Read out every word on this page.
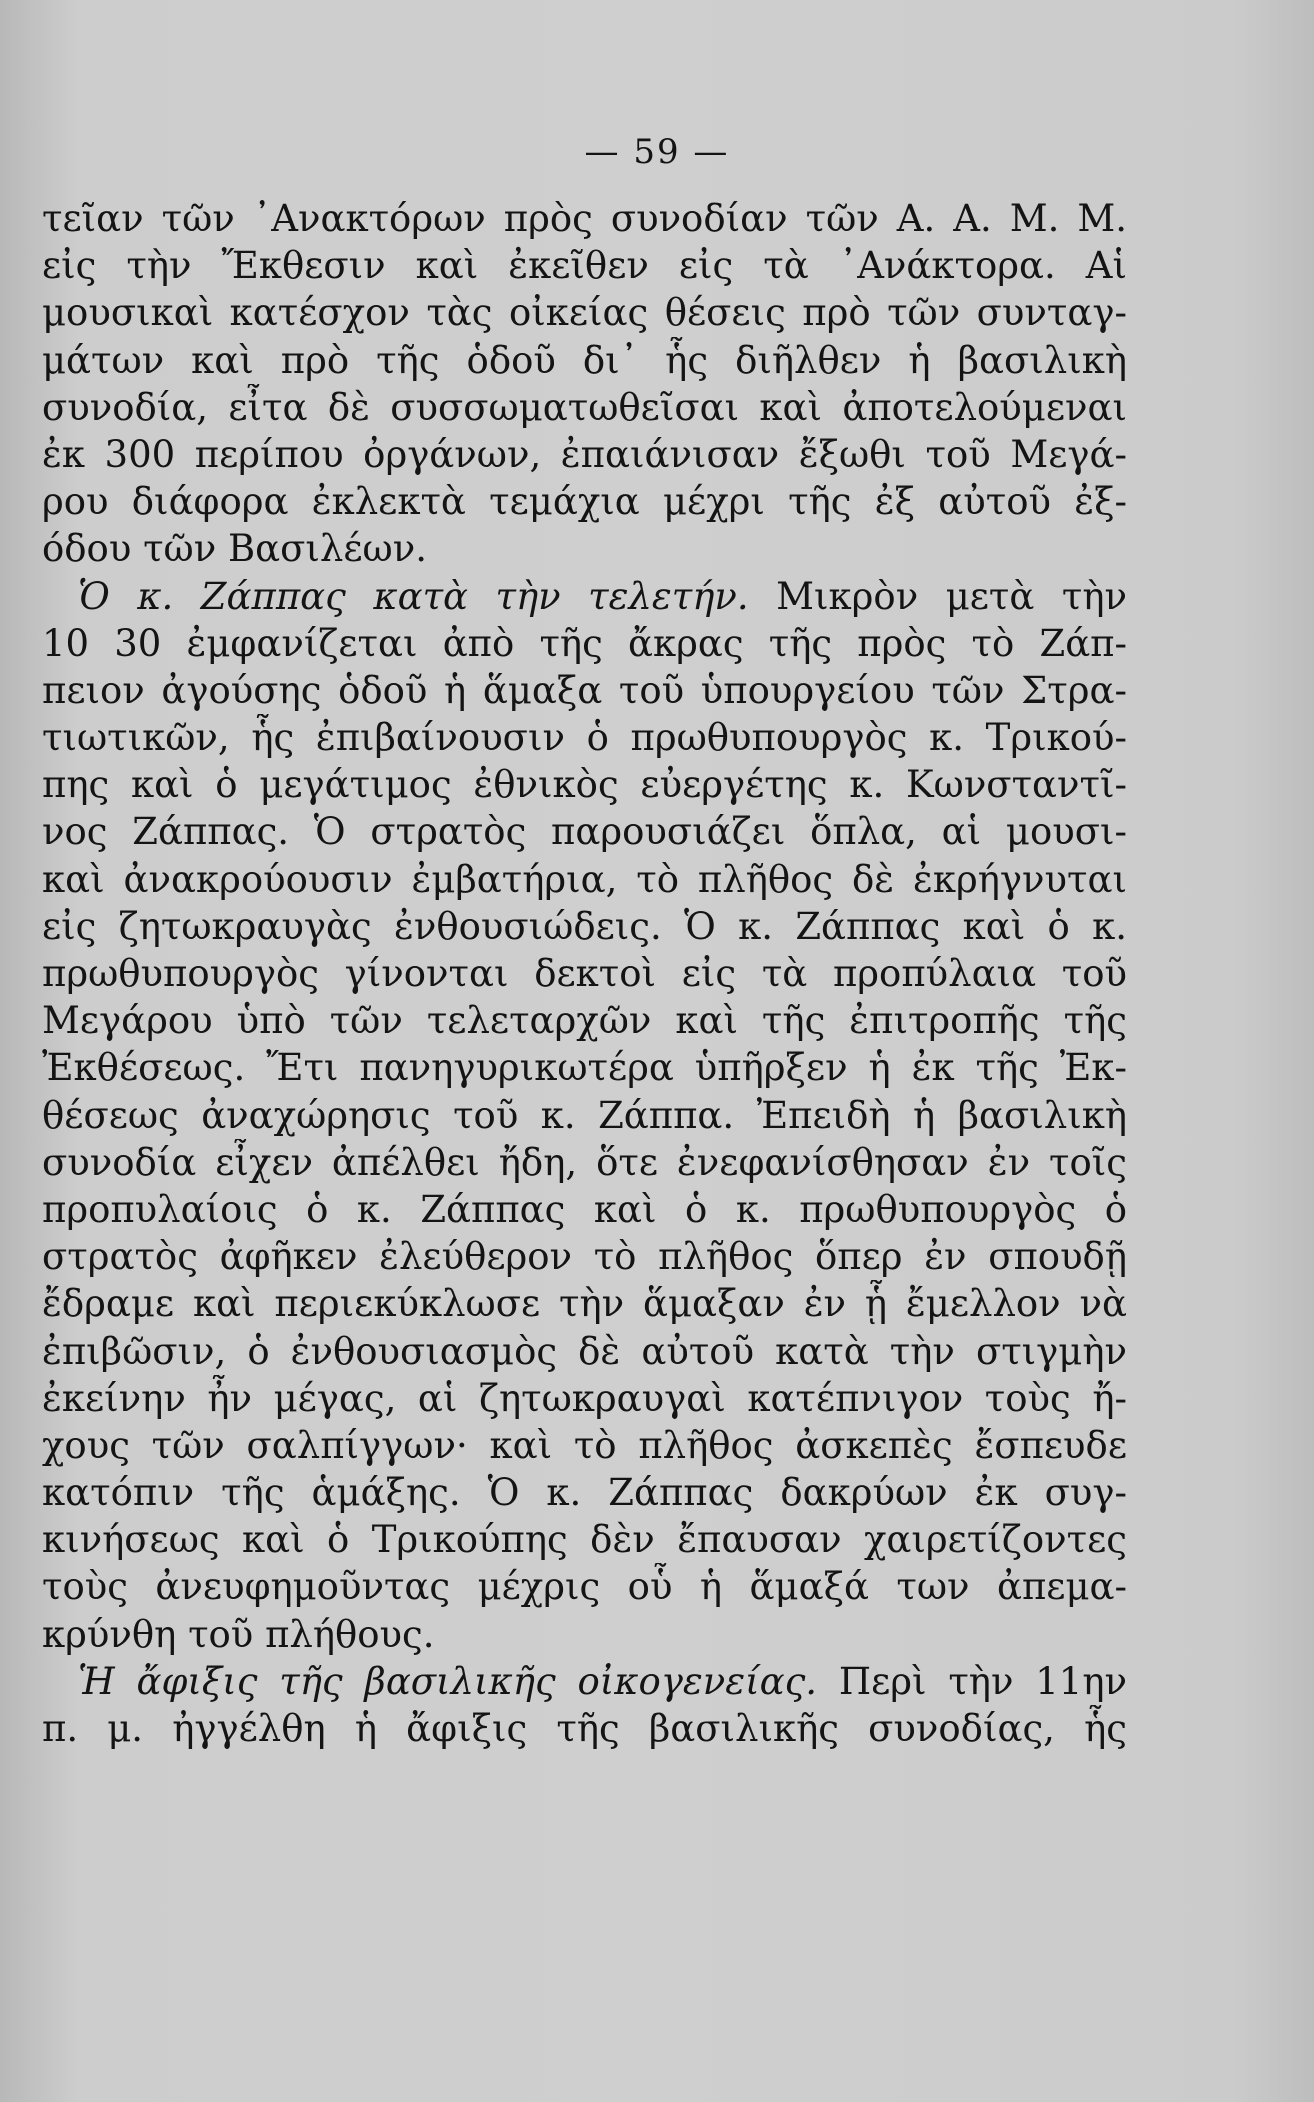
— 59 —
τεῖαν τῶν ᾿Ανακτόρων πρὸς συνοδίαν τῶν Α. Α. Μ. Μ.
εἰς τὴν Ἔκθεσιν καὶ ἐκεῖθεν εἰς τὰ ᾿Ανάκτορα. Αἱ
μουσικαὶ κατέσχον τὰς οἰκείας θέσεις πρὸ τῶν συνταγ-
μάτων καὶ πρὸ τῆς ὁδοῦ δι᾿ ἧς διῆλθεν ἡ βασιλικὴ
συνοδία, εἶτα δὲ συσσωματωθεῖσαι καὶ ἀποτελούμεναι
ἐκ 300 περίπου ὀργάνων, ἐπαιάνισαν ἔξωθι τοῦ Μεγά-
ρου διάφορα ἐκλεκτὰ τεμάχια μέχρι τῆς ἐξ αὐτοῦ ἐξ-
όδου τῶν Βασιλέων.
Ὁ κ. Ζάππας κατὰ τὴν τελετήν. Μικρὸν μετὰ τὴν
10 30 ἐμφανίζεται ἀπὸ τῆς ἄκρας τῆς πρὸς τὸ Ζάπ-
πειον ἀγούσης ὁδοῦ ἡ ἅμαξα τοῦ ὑπουργείου τῶν Στρα-
τιωτικῶν, ἧς ἐπιβαίνουσιν ὁ πρωθυπουργὸς κ. Τρικού-
πης καὶ ὁ μεγάτιμος ἐθνικὸς εὐεργέτης κ. Κωνσταντῖ-
νος Ζάππας. Ὁ στρατὸς παρουσιάζει ὅπλα, αἱ μουσι-
καὶ ἀνακρούουσιν ἐμβατήρια, τὸ πλῆθος δὲ ἐκρήγνυται
εἰς ζητωκραυγὰς ἐνθουσιώδεις. Ὁ κ. Ζάππας καὶ ὁ κ.
πρωθυπουργὸς γίνονται δεκτοὶ εἰς τὰ προπύλαια τοῦ
Μεγάρου ὑπὸ τῶν τελεταρχῶν καὶ τῆς ἐπιτροπῆς τῆς
Ἐκθέσεως. Ἔτι πανηγυρικωτέρα ὑπῆρξεν ἡ ἐκ τῆς Ἐκ-
θέσεως ἀναχώρησις τοῦ κ. Ζάππα. Ἐπειδὴ ἡ βασιλικὴ
συνοδία εἶχεν ἀπέλθει ἤδη, ὅτε ἐνεφανίσθησαν ἐν τοῖς
προπυλαίοις ὁ κ. Ζάππας καὶ ὁ κ. πρωθυπουργὸς ὁ
στρατὸς ἀφῆκεν ἐλεύθερον τὸ πλῆθος ὅπερ ἐν σπουδῇ
ἔδραμε καὶ περιεκύκλωσε τὴν ἅμαξαν ἐν ᾗ ἔμελλον νὰ
ἐπιβῶσιν, ὁ ἐνθουσιασμὸς δὲ αὐτοῦ κατὰ τὴν στιγμὴν
ἐκείνην ἦν μέγας, αἱ ζητωκραυγαὶ κατέπνιγον τοὺς ἤ-
χους τῶν σαλπίγγων· καὶ τὸ πλῆθος ἀσκεπὲς ἔσπευδε
κατόπιν τῆς ἁμάξης. Ὁ κ. Ζάππας δακρύων ἐκ συγ-
κινήσεως καὶ ὁ Τρικούπης δὲν ἔπαυσαν χαιρετίζοντες
τοὺς ἀνευφημοῦντας μέχρις οὗ ἡ ἅμαξά των ἀπεμα-
κρύνθη τοῦ πλήθους.
Ἡ ἄφιξις τῆς βασιλικῆς οἰκογενείας. Περὶ τὴν 11ην
π. μ. ἠγγέλθη ἡ ἄφιξις τῆς βασιλικῆς συνοδίας, ἧς
